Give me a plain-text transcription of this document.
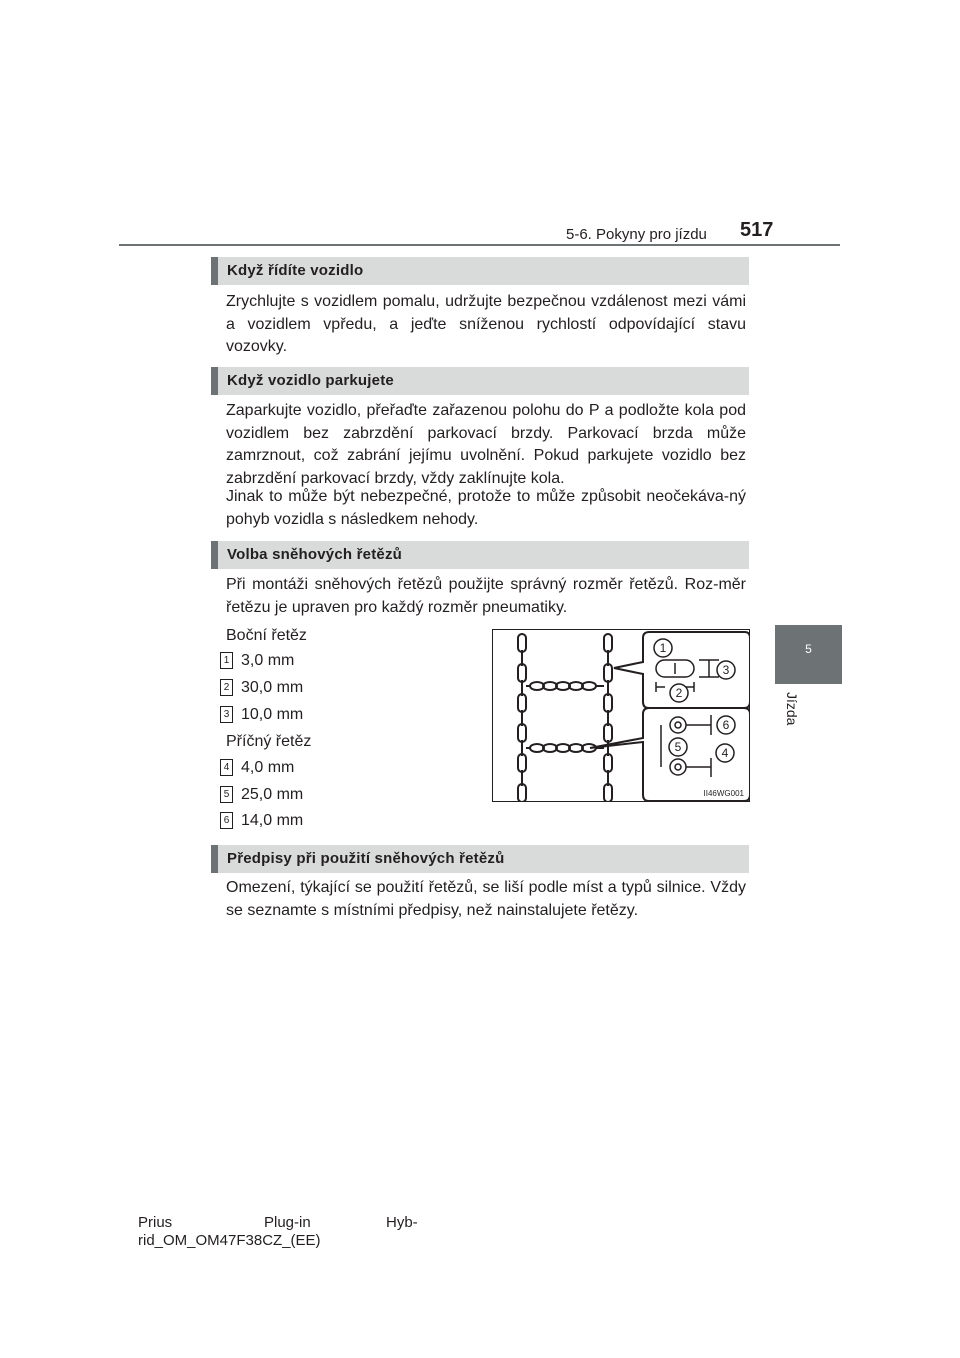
5-6. Pokyny pro jízdu 517
5
Jízda
Když řídíte vozidlo
Zrychlujte s vozidlem pomalu, udržujte bezpečnou vzdálenost mezi vámi a vozidlem vpředu, a jeďte sníženou rychlostí odpovídající stavu vozovky.
Když vozidlo parkujete
Zaparkujte vozidlo, přeřaďte zařazenou polohu do P a podložte kola pod vozidlem bez zabrzdění parkovací brzdy. Parkovací brzda může zamrznout, což zabrání jejímu uvolnění. Pokud parkujete vozidlo bez zabrzdění parkovací brzdy, vždy zaklínujte kola.
Jinak to může být nebezpečné, protože to může způsobit neočekáva-ný pohyb vozidla s následkem nehody.
Volba sněhových řetězů
Při montáži sněhových řetězů použijte správný rozměr řetězů. Roz-měr řetězu je upraven pro každý rozměr pneumatiky.
Boční řetěz
1 3,0 mm
2 30,0 mm
3 10,0 mm
Příčný řetěz
4 4,0 mm
5 25,0 mm
6 14,0 mm
1
2
3
4
5
6
II46WG001
Předpisy při použití sněhových řetězů
Omezení, týkající se použití řetězů, se liší podle míst a typů silnice. Vždy se seznamte s místními předpisy, než nainstalujete řetězy.
Prius	Plug-in	Hyb-
rid_OM_OM47F38CZ_(EE)
